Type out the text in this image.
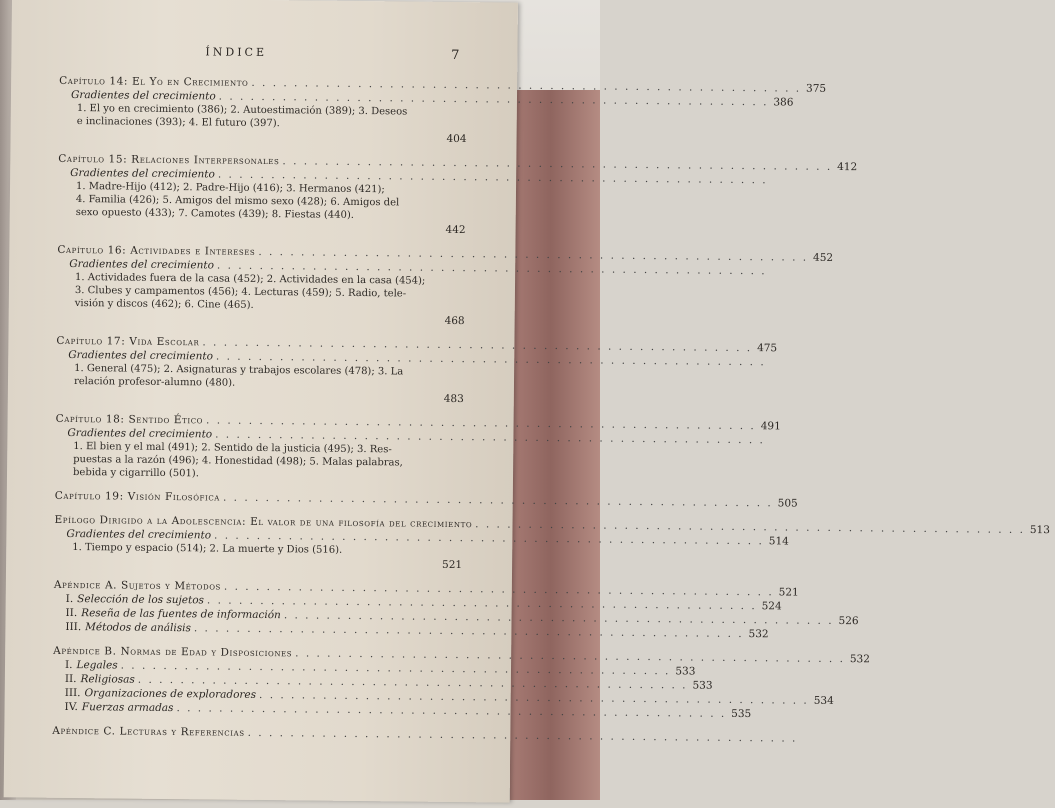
ÍNDICE	7
Capítulo 14: El Yo en Crecimiento . . . . . . . . . . . . . . . . . . . . . . . . . . . . . . . . . . . . . . . . . . . . . . . . . . . . 375
Gradientes del crecimiento . . . . . . . . . . . . . . . . . . . . . . . . . . . . . . . . . . . . . . . . . . . . . . . . . . . . 386
1. El yo en crecimiento (386); 2. Autoestimación (389); 3. Deseos
e inclinaciones (393); 4. El futuro (397).
404
Capítulo 15: Relaciones Interpersonales . . . . . . . . . . . . . . . . . . . . . . . . . . . . . . . . . . . . . . . . . . . . . . . . . . . . 412
Gradientes del crecimiento . . . . . . . . . . . . . . . . . . . . . . . . . . . . . . . . . . . . . . . . . . . . . . . . . . . .
1. Madre-Hijo (412); 2. Padre-Hijo (416); 3. Hermanos (421);
4. Familia (426); 5. Amigos del mismo sexo (428); 6. Amigos del
sexo opuesto (433); 7. Camotes (439); 8. Fiestas (440).
442
Capítulo 16: Actividades e Intereses . . . . . . . . . . . . . . . . . . . . . . . . . . . . . . . . . . . . . . . . . . . . . . . . . . . . 452
Gradientes del crecimiento . . . . . . . . . . . . . . . . . . . . . . . . . . . . . . . . . . . . . . . . . . . . . . . . . . . .
1. Actividades fuera de la casa (452); 2. Actividades en la casa (454);
3. Clubes y campamentos (456); 4. Lecturas (459); 5. Radio, tele-
visión y discos (462); 6. Cine (465).
468
Capítulo 17: Vida Escolar . . . . . . . . . . . . . . . . . . . . . . . . . . . . . . . . . . . . . . . . . . . . . . . . . . . . 475
Gradientes del crecimiento . . . . . . . . . . . . . . . . . . . . . . . . . . . . . . . . . . . . . . . . . . . . . . . . . . . .
1. General (475); 2. Asignaturas y trabajos escolares (478); 3. La
relación profesor-alumno (480).
483
Capítulo 18: Sentido Ético . . . . . . . . . . . . . . . . . . . . . . . . . . . . . . . . . . . . . . . . . . . . . . . . . . . . 491
Gradientes del crecimiento . . . . . . . . . . . . . . . . . . . . . . . . . . . . . . . . . . . . . . . . . . . . . . . . . . . .
1. El bien y el mal (491); 2. Sentido de la justicia (495); 3. Res-
puestas a la razón (496); 4. Honestidad (498); 5. Malas palabras,
bebida y cigarrillo (501).
Capítulo 19: Visión Filosófica . . . . . . . . . . . . . . . . . . . . . . . . . . . . . . . . . . . . . . . . . . . . . . . . . . . . 505
Epílogo Dirigido a la Adolescencia: El valor de una filosofía del crecimiento . . . . . . . . . . . . . . . . . . . . . . . . . . . . . . . . . . . . . . . . . . . . . . . . . . . . 513
Gradientes del crecimiento . . . . . . . . . . . . . . . . . . . . . . . . . . . . . . . . . . . . . . . . . . . . . . . . . . . . 514
1. Tiempo y espacio (514); 2. La muerte y Dios (516).
521
Apéndice A. Sujetos y Métodos . . . . . . . . . . . . . . . . . . . . . . . . . . . . . . . . . . . . . . . . . . . . . . . . . . . . 521
I. Selección de los sujetos . . . . . . . . . . . . . . . . . . . . . . . . . . . . . . . . . . . . . . . . . . . . . . . . . . . . 524
II. Reseña de las fuentes de información . . . . . . . . . . . . . . . . . . . . . . . . . . . . . . . . . . . . . . . . . . . . . . . . . . . . 526
III. Métodos de análisis . . . . . . . . . . . . . . . . . . . . . . . . . . . . . . . . . . . . . . . . . . . . . . . . . . . . 532
Apéndice B. Normas de Edad y Disposiciones . . . . . . . . . . . . . . . . . . . . . . . . . . . . . . . . . . . . . . . . . . . . . . . . . . . . 532
I. Legales . . . . . . . . . . . . . . . . . . . . . . . . . . . . . . . . . . . . . . . . . . . . . . . . . . . . 533
II. Religiosas . . . . . . . . . . . . . . . . . . . . . . . . . . . . . . . . . . . . . . . . . . . . . . . . . . . . 533
III. Organizaciones de exploradores . . . . . . . . . . . . . . . . . . . . . . . . . . . . . . . . . . . . . . . . . . . . . . . . . . . . 534
IV. Fuerzas armadas . . . . . . . . . . . . . . . . . . . . . . . . . . . . . . . . . . . . . . . . . . . . . . . . . . . . 535
Apéndice C. Lecturas y Referencias . . . . . . . . . . . . . . . . . . . . . . . . . . . . . . . . . . . . . . . . . . . . . . . . . . . .
